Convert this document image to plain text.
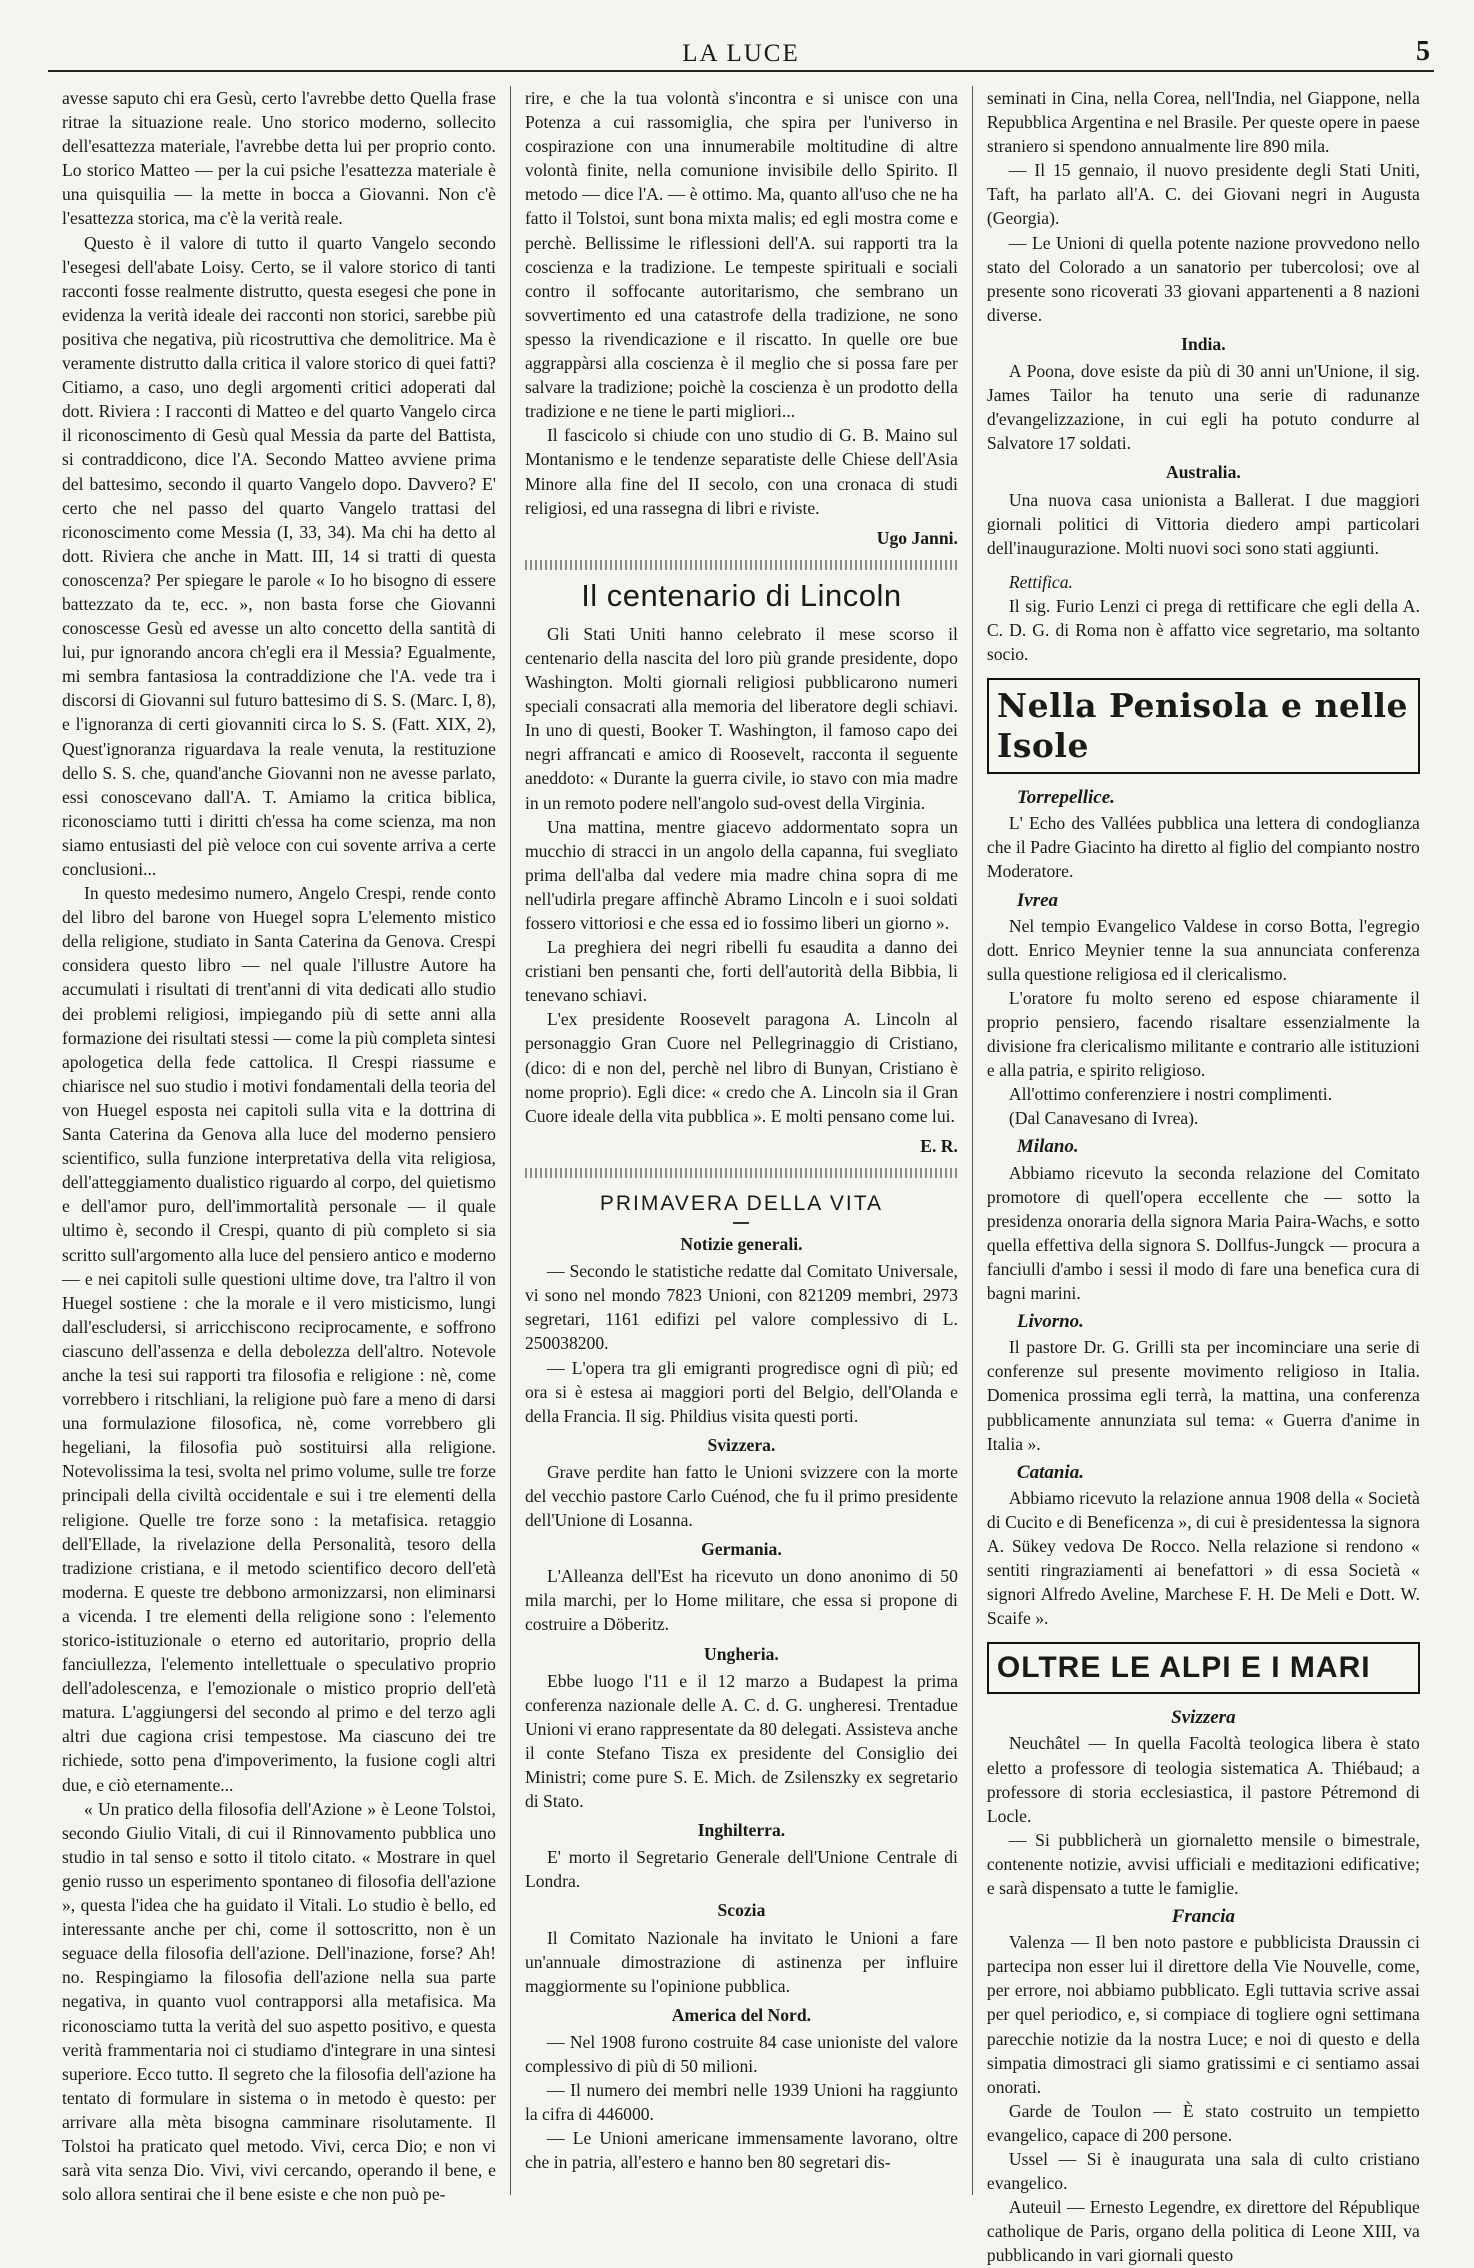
LA LUCE	5

avesse saputo chi era Gesù, certo l'avrebbe detto Quella frase ritrae la situazione reale. Uno storico moderno, sollecito dell'esattezza materiale, l'avrebbe detta lui per proprio conto. Lo storico Matteo — per la cui psiche l'esattezza materiale è una quisquilia — la mette in bocca a Giovanni. Non c'è l'esattezza storica, ma c'è la verità reale.

Questo è il valore di tutto il quarto Vangelo secondo l'esegesi dell'abate Loisy. Certo, se il valore storico di tanti racconti fosse realmente distrutto, questa esegesi che pone in evidenza la verità ideale dei racconti non storici, sarebbe più positiva che negativa, più ricostruttiva che demolitrice. Ma è veramente distrutto dalla critica il valore storico di quei fatti? Citiamo, a caso, uno degli argomenti critici adoperati dal dott. Riviera : I racconti di Matteo e del quarto Vangelo circa il riconoscimento di Gesù qual Messia da parte del Battista, si contraddicono, dice l'A. Secondo Matteo avviene prima del battesimo, secondo il quarto Vangelo dopo. Davvero? E' certo che nel passo del quarto Vangelo trattasi del riconoscimento come Messia (I, 33, 34). Ma chi ha detto al dott. Riviera che anche in Matt. III, 14 si tratti di questa conoscenza? Per spiegare le parole « Io ho bisogno di essere battezzato da te, ecc. », non basta forse che Giovanni conoscesse Gesù ed avesse un alto concetto della santità di lui, pur ignorando ancora ch'egli era il Messia? Egualmente, mi sembra fantasiosa la contraddizione che l'A. vede tra i discorsi di Giovanni sul futuro battesimo di S. S. (Marc. I, 8), e l'ignoranza di certi giovanniti circa lo S. S. (Fatt. XIX, 2), Quest'ignoranza riguardava la reale venuta, la restituzione dello S. S. che, quand'anche Giovanni non ne avesse parlato, essi conoscevano dall'A. T. Amiamo la critica biblica, riconosciamo tutti i diritti ch'essa ha come scienza, ma non siamo entusiasti del piè veloce con cui sovente arriva a certe conclusioni...

In questo medesimo numero, Angelo Crespi, rende conto del libro del barone von Huegel sopra L'elemento mistico della religione, studiato in Santa Caterina da Genova. Crespi considera questo libro — nel quale l'illustre Autore ha accumulati i risultati di trent'anni di vita dedicati allo studio dei problemi religiosi, impiegando più di sette anni alla formazione dei risultati stessi — come la più completa sintesi apologetica della fede cattolica. Il Crespi riassume e chiarisce nel suo studio i motivi fondamentali della teoria del von Huegel esposta nei capitoli sulla vita e la dottrina di Santa Caterina da Genova alla luce del moderno pensiero scientifico, sulla funzione interpretativa della vita religiosa, dell'atteggiamento dualistico riguardo al corpo, del quietismo e dell'amor puro, dell'immortalità personale — il quale ultimo è, secondo il Crespi, quanto di più completo si sia scritto sull'argomento alla luce del pensiero antico e moderno — e nei capitoli sulle questioni ultime dove, tra l'altro il von Huegel sostiene : che la morale e il vero misticismo, lungi dall'escludersi, si arricchiscono reciprocamente, e soffrono ciascuno dell'assenza e della debolezza dell'altro. Notevole anche la tesi sui rapporti tra filosofia e religione : nè, come vorrebbero i ritschliani, la religione può fare a meno di darsi una formulazione filosofica, nè, come vorrebbero gli hegeliani, la filosofia può sostituirsi alla religione. Notevolissima la tesi, svolta nel primo volume, sulle tre forze principali della civiltà occidentale e sui i tre elementi della religione. Quelle tre forze sono : la metafisica. retaggio dell'Ellade, la rivelazione della Personalità, tesoro della tradizione cristiana, e il metodo scientifico decoro dell'età moderna. E queste tre debbono armonizzarsi, non eliminarsi a vicenda. I tre elementi della religione sono : l'elemento storico-istituzionale o eterno ed autoritario, proprio della fanciullezza, l'elemento intellettuale o speculativo proprio dell'adolescenza, e l'emozionale o mistico proprio dell'età matura. L'aggiungersi del secondo al primo e del terzo agli altri due cagiona crisi tempestose. Ma ciascuno dei tre richiede, sotto pena d'impoverimento, la fusione cogli altri due, e ciò eternamente...

« Un pratico della filosofia dell'Azione » è Leone Tolstoi, secondo Giulio Vitali, di cui il Rinnovamento pubblica uno studio in tal senso e sotto il titolo citato. « Mostrare in quel genio russo un esperimento spontaneo di filosofia dell'azione », questa l'idea che ha guidato il Vitali. Lo studio è bello, ed interessante anche per chi, come il sottoscritto, non è un seguace della filosofia dell'azione. Dell'inazione, forse? Ah! no. Respingiamo la filosofia dell'azione nella sua parte negativa, in quanto vuol contrapporsi alla metafisica. Ma riconosciamo tutta la verità del suo aspetto positivo, e questa verità frammentaria noi ci studiamo d'integrare in una sintesi superiore. Ecco tutto. Il segreto che la filosofia dell'azione ha tentato di formulare in sistema o in metodo è questo: per arrivare alla mèta bisogna camminare risolutamente. Il Tolstoi ha praticato quel metodo. Vivi, cerca Dio; e non vi sarà vita senza Dio. Vivi, vivi cercando, operando il bene, e solo allora sentirai che il bene esiste e che non può pe-

rire, e che la tua volontà s'incontra e si unisce con una Potenza a cui rassomiglia, che spira per l'universo in cospirazione con una innumerabile moltitudine di altre volontà finite, nella comunione invisibile dello Spirito. Il metodo — dice l'A. — è ottimo. Ma, quanto all'uso che ne ha fatto il Tolstoi, sunt bona mixta malis; ed egli mostra come e perchè. Bellissime le riflessioni dell'A. sui rapporti tra la coscienza e la tradizione. Le tempeste spirituali e sociali contro il soffocante autoritarismo, che sembrano un sovvertimento ed una catastrofe della tradizione, ne sono spesso la rivendicazione e il riscatto. In quelle ore bue aggrappàrsi alla coscienza è il meglio che si possa fare per salvare la tradizione; poichè la coscienza è un prodotto della tradizione e ne tiene le parti migliori...

Il fascicolo si chiude con uno studio di G. B. Maino sul Montanismo e le tendenze separatiste delle Chiese dell'Asia Minore alla fine del II secolo, con una cronaca di studi religiosi, ed una rassegna di libri e riviste.

Ugo Janni.
Il centenario di Lincoln

Gli Stati Uniti hanno celebrato il mese scorso il centenario della nascita del loro più grande presidente, dopo Washington. Molti giornali religiosi pubblicarono numeri speciali consacrati alla memoria del liberatore degli schiavi. In uno di questi, Booker T. Washington, il famoso capo dei negri affrancati e amico di Roosevelt, racconta il seguente aneddoto: « Durante la guerra civile, io stavo con mia madre in un remoto podere nell'angolo sud-ovest della Virginia.

Una mattina, mentre giacevo addormentato sopra un mucchio di stracci in un angolo della capanna, fui svegliato prima dell'alba dal vedere mia madre china sopra di me nell'udirla pregare affinchè Abramo Lincoln e i suoi soldati fossero vittoriosi e che essa ed io fossimo liberi un giorno ».

La preghiera dei negri ribelli fu esaudita a danno dei cristiani ben pensanti che, forti dell'autorità della Bibbia, li tenevano schiavi.

L'ex presidente Roosevelt paragona A. Lincoln al personaggio Gran Cuore nel Pellegrinaggio di Cristiano, (dico: di e non del, perchè nel libro di Bunyan, Cristiano è nome proprio). Egli dice: « credo che A. Lincoln sia il Gran Cuore ideale della vita pubblica ». E molti pensano come lui.

E. R.
PRIMAVERA DELLA VITA
Notizie generali.

— Secondo le statistiche redatte dal Comitato Universale, vi sono nel mondo 7823 Unioni, con 821209 membri, 2973 segretari, 1161 edifizi pel valore complessivo di L. 250038200.

— L'opera tra gli emigranti progredisce ogni dì più; ed ora si è estesa ai maggiori porti del Belgio, dell'Olanda e della Francia. Il sig. Phildius visita questi porti.

Svizzera.

Grave perdite han fatto le Unioni svizzere con la morte del vecchio pastore Carlo Cuénod, che fu il primo presidente dell'Unione di Losanna.

Germania.

L'Alleanza dell'Est ha ricevuto un dono anonimo di 50 mila marchi, per lo Home militare, che essa si propone di costruire a Döberitz.

Ungheria.

Ebbe luogo l'11 e il 12 marzo a Budapest la prima conferenza nazionale delle A. C. d. G. ungheresi. Trentadue Unioni vi erano rappresentate da 80 delegati. Assisteva anche il conte Stefano Tisza ex presidente del Consiglio dei Ministri; come pure S. E. Mich. de Zsilenszky ex segretario di Stato.

Inghilterra.

E' morto il Segretario Generale dell'Unione Centrale di Londra.

Scozia

Il Comitato Nazionale ha invitato le Unioni a fare un'annuale dimostrazione di astinenza per influire maggiormente su l'opinione pubblica.

America del Nord.

— Nel 1908 furono costruite 84 case unioniste del valore complessivo di più di 50 milioni.

— Il numero dei membri nelle 1939 Unioni ha raggiunto la cifra di 446000.

— Le Unioni americane immensamente lavorano, oltre che in patria, all'estero e hanno ben 80 segretari dis-

seminati in Cina, nella Corea, nell'India, nel Giappone, nella Repubblica Argentina e nel Brasile. Per queste opere in paese straniero si spendono annualmente lire 890 mila.

— Il 15 gennaio, il nuovo presidente degli Stati Uniti, Taft, ha parlato all'A. C. dei Giovani negri in Augusta (Georgia).

— Le Unioni di quella potente nazione provvedono nello stato del Colorado a un sanatorio per tubercolosi; ove al presente sono ricoverati 33 giovani appartenenti a 8 nazioni diverse.

India.

A Poona, dove esiste da più di 30 anni un'Unione, il sig. James Tailor ha tenuto una serie di radunanze d'evangelizzazione, in cui egli ha potuto condurre al Salvatore 17 soldati.

Australia.

Una nuova casa unionista a Ballerat. I due maggiori giornali politici di Vittoria diedero ampi particolari dell'inaugurazione. Molti nuovi soci sono stati aggiunti.

Rettifica.

Il sig. Furio Lenzi ci prega di rettificare che egli della A. C. D. G. di Roma non è affatto vice segretario, ma soltanto socio.

Nella Penisola e nelle Isole
Torrepellice.

L' Echo des Vallées pubblica una lettera di condoglianza che il Padre Giacinto ha diretto al figlio del compianto nostro Moderatore.

Ivrea

Nel tempio Evangelico Valdese in corso Botta, l'egregio dott. Enrico Meynier tenne la sua annunciata conferenza sulla questione religiosa ed il clericalismo.

L'oratore fu molto sereno ed espose chiaramente il proprio pensiero, facendo risaltare essenzialmente la divisione fra clericalismo militante e contrario alle istituzioni e alla patria, e spirito religioso.

All'ottimo conferenziere i nostri complimenti.

(Dal Canavesano di Ivrea).

Milano.

Abbiamo ricevuto la seconda relazione del Comitato promotore di quell'opera eccellente che — sotto la presidenza onoraria della signora Maria Paira-Wachs, e sotto quella effettiva della signora S. Dollfus-Jungck — procura a fanciulli d'ambo i sessi il modo di fare una benefica cura di bagni marini.

Livorno.

Il pastore Dr. G. Grilli sta per incominciare una serie di conferenze sul presente movimento religioso in Italia. Domenica prossima egli terrà, la mattina, una conferenza pubblicamente annunziata sul tema: « Guerra d'anime in Italia ».

Catania.

Abbiamo ricevuto la relazione annua 1908 della « Società di Cucito e di Beneficenza », di cui è presidentessa la signora A. Sükey vedova De Rocco. Nella relazione si rendono « sentiti ringraziamenti ai benefattori » di essa Società « signori Alfredo Aveline, Marchese F. H. De Meli e Dott. W. Scaife ».

OLTRE LE ALPI E I MARI
Svizzera

Neuchâtel — In quella Facoltà teologica libera è stato eletto a professore di teologia sistematica A. Thiébaud; a professore di storia ecclesiastica, il pastore Pétremond di Locle.

— Si pubblicherà un giornaletto mensile o bimestrale, contenente notizie, avvisi ufficiali e meditazioni edificative; e sarà dispensato a tutte le famiglie.

Francia

Valenza — Il ben noto pastore e pubblicista Draussin ci partecipa non esser lui il direttore della Vie Nouvelle, come, per errore, noi abbiamo pubblicato. Egli tuttavia scrive assai per quel periodico, e, si compiace di togliere ogni settimana parecchie notizie da la nostra Luce; e noi di questo e della simpatia dimostraci gli siamo gratissimi e ci sentiamo assai onorati.

Garde de Toulon — È stato costruito un tempietto evangelico, capace di 200 persone.

Ussel — Si è inaugurata una sala di culto cristiano evangelico.

Auteuil — Ernesto Legendre, ex direttore del République catholique de Paris, organo della politica di Leone XIII, va pubblicando in vari giornali questo
